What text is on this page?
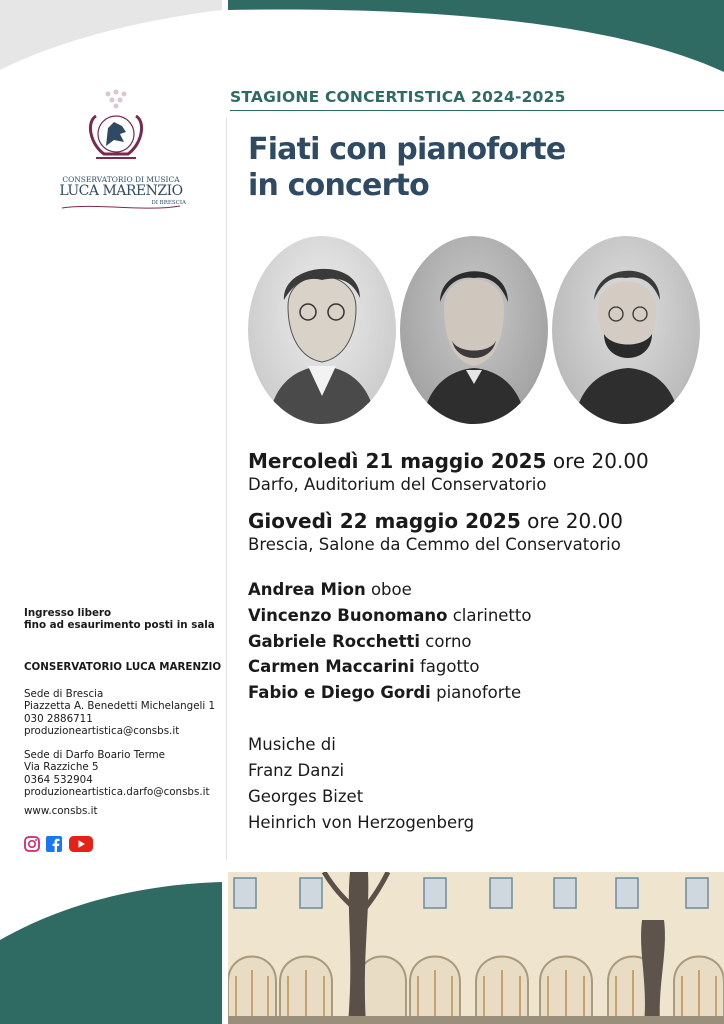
CONSERVATORIO DI MUSICA
LUCA MARENZIO
DI BRESCIA
STAGIONE CONCERTISTICA 2024-2025
Fiati con pianoforte
in concerto
Mercoledì 21 maggio 2025 ore 20.00
Darfo, Auditorium del Conservatorio
Giovedì 22 maggio 2025 ore 20.00
Brescia, Salone da Cemmo del Conservatorio
Andrea Mion oboe
Vincenzo Buonomano clarinetto
Gabriele Rocchetti corno
Carmen Maccarini fagotto
Fabio e Diego Gordi pianoforte
Musiche di
Franz Danzi
Georges Bizet
Heinrich von Herzogenberg
Ingresso libero
fino ad esaurimento posti in sala
CONSERVATORIO LUCA MARENZIO
Sede di Brescia
Piazzetta A. Benedetti Michelangeli 1
030 2886711
produzioneartistica@consbs.it
Sede di Darfo Boario Terme
Via Razziche 5
0364 532904
produzioneartistica.darfo@consbs.it
www.consbs.it
